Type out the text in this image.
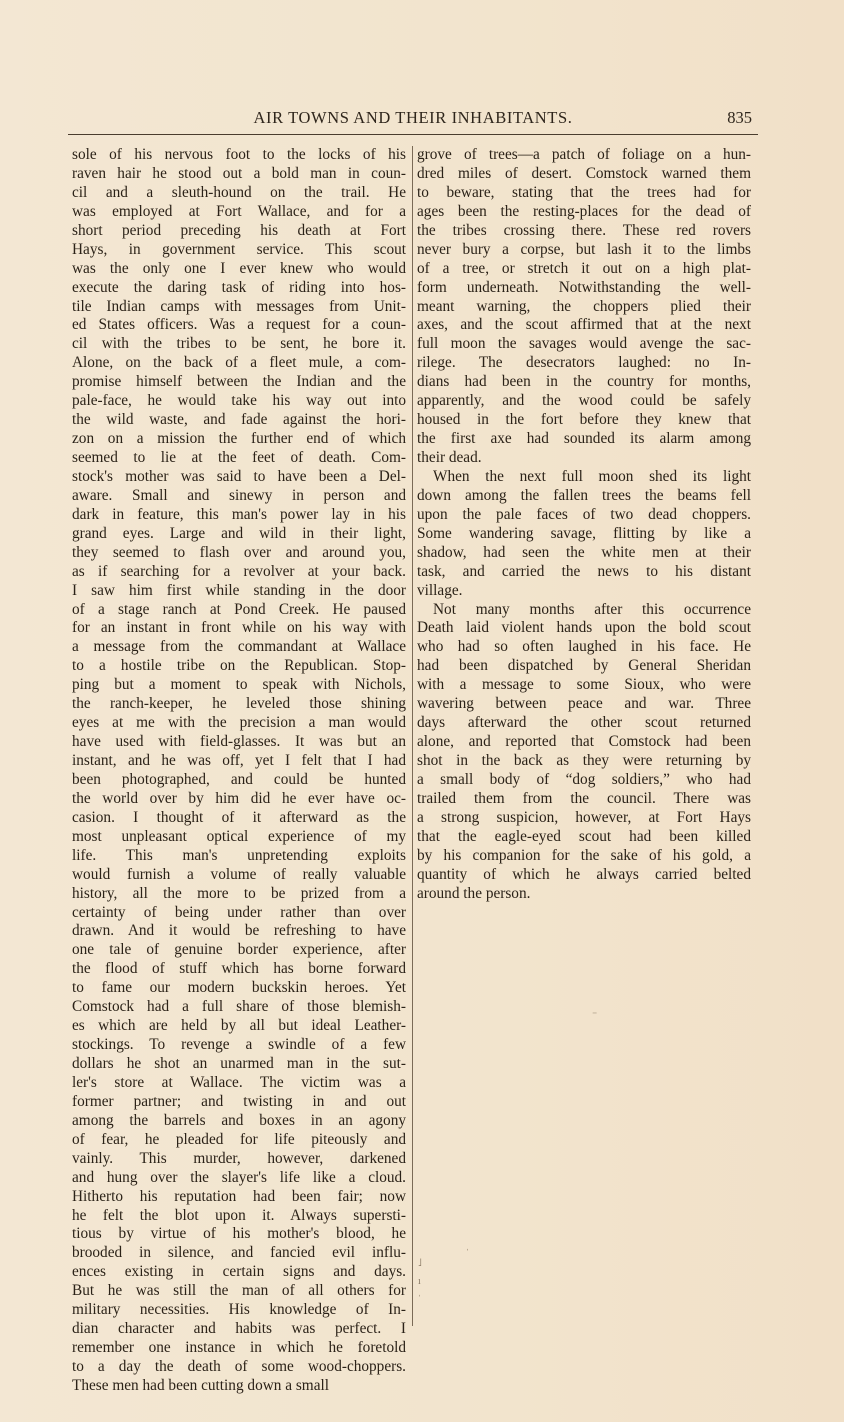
AIR TOWNS AND THEIR INHABITANTS.	835
sole of his nervous foot to the locks of his
raven hair he stood out a bold man in coun-
cil and a sleuth-hound on the trail. He
was employed at Fort Wallace, and for a
short period preceding his death at Fort
Hays, in government service. This scout
was the only one I ever knew who would
execute the daring task of riding into hos-
tile Indian camps with messages from Unit-
ed States officers. Was a request for a coun-
cil with the tribes to be sent, he bore it.
Alone, on the back of a fleet mule, a com-
promise himself between the Indian and the
pale-face, he would take his way out into
the wild waste, and fade against the hori-
zon on a mission the further end of which
seemed to lie at the feet of death. Com-
stock's mother was said to have been a Del-
aware. Small and sinewy in person and
dark in feature, this man's power lay in his
grand eyes. Large and wild in their light,
they seemed to flash over and around you,
as if searching for a revolver at your back.
I saw him first while standing in the door
of a stage ranch at Pond Creek. He paused
for an instant in front while on his way with
a message from the commandant at Wallace
to a hostile tribe on the Republican. Stop-
ping but a moment to speak with Nichols,
the ranch-keeper, he leveled those shining
eyes at me with the precision a man would
have used with field-glasses. It was but an
instant, and he was off, yet I felt that I had
been photographed, and could be hunted
the world over by him did he ever have oc-
casion. I thought of it afterward as the
most unpleasant optical experience of my
life. This man's unpretending exploits
would furnish a volume of really valuable
history, all the more to be prized from a
certainty of being under rather than over
drawn. And it would be refreshing to have
one tale of genuine border experience, after
the flood of stuff which has borne forward
to fame our modern buckskin heroes. Yet
Comstock had a full share of those blemish-
es which are held by all but ideal Leather-
stockings. To revenge a swindle of a few
dollars he shot an unarmed man in the sut-
ler's store at Wallace. The victim was a
former partner; and twisting in and out
among the barrels and boxes in an agony
of fear, he pleaded for life piteously and
vainly. This murder, however, darkened
and hung over the slayer's life like a cloud.
Hitherto his reputation had been fair; now
he felt the blot upon it. Always supersti-
tious by virtue of his mother's blood, he
brooded in silence, and fancied evil influ-
ences existing in certain signs and days.
But he was still the man of all others for
military necessities. His knowledge of In-
dian character and habits was perfect. I
remember one instance in which he foretold
to a day the death of some wood-choppers.
These men had been cutting down a small
grove of trees—a patch of foliage on a hun-
dred miles of desert. Comstock warned them
to beware, stating that the trees had for
ages been the resting-places for the dead of
the tribes crossing there. These red rovers
never bury a corpse, but lash it to the limbs
of a tree, or stretch it out on a high plat-
form underneath. Notwithstanding the well-
meant warning, the choppers plied their
axes, and the scout affirmed that at the next
full moon the savages would avenge the sac-
rilege. The desecrators laughed: no In-
dians had been in the country for months,
apparently, and the wood could be safely
housed in the fort before they knew that
the first axe had sounded its alarm among
their dead.
When the next full moon shed its light
down among the fallen trees the beams fell
upon the pale faces of two dead choppers.
Some wandering savage, flitting by like a
shadow, had seen the white men at their
task, and carried the news to his distant
village.
Not many months after this occurrence
Death laid violent hands upon the bold scout
who had so often laughed in his face. He
had been dispatched by General Sheridan
with a message to some Sioux, who were
wavering between peace and war. Three
days afterward the other scout returned
alone, and reported that Comstock had been
shot in the back as they were returning by
a small body of “dog soldiers,” who had
trailed them from the council. There was
a strong suspicion, however, at Fort Hays
that the eagle-eyed scout had been killed
by his companion for the sake of his gold, a
quantity of which he always carried belted
around the person.
⁻
ˌ
˩
ı
ˈ
